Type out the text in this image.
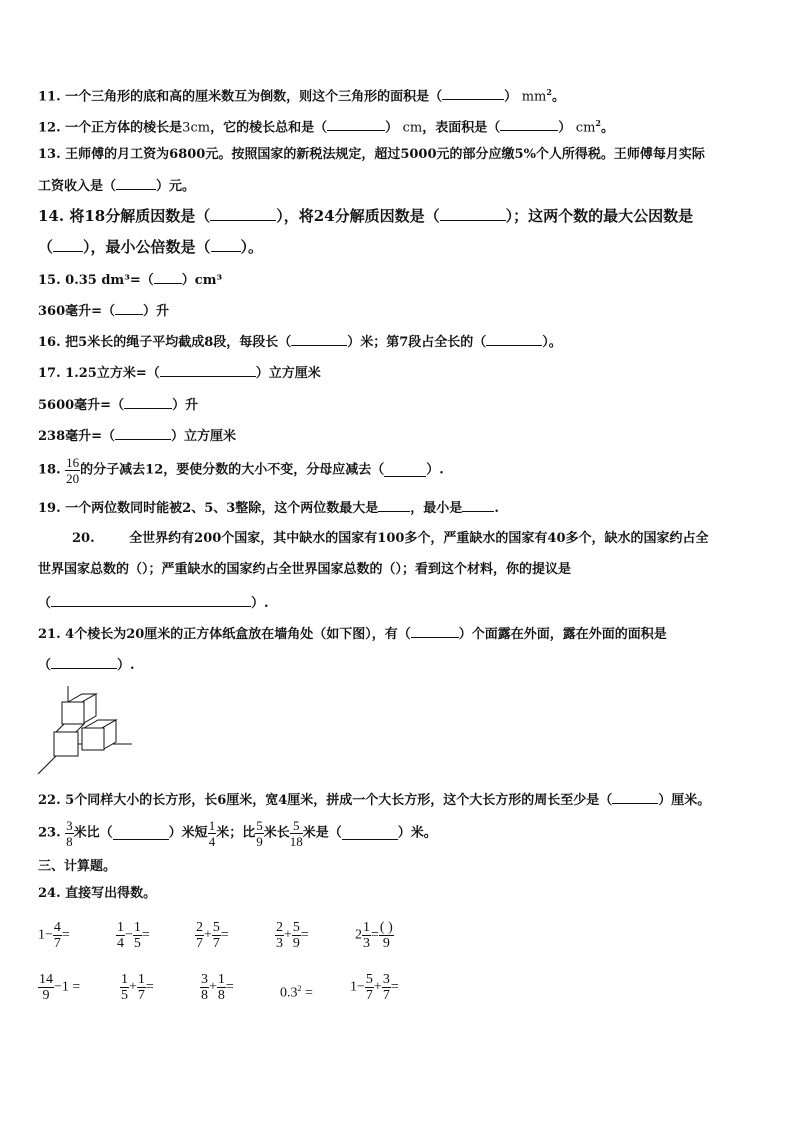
11. 一个三角形的底和高的厘米数互为倒数，则这个三角形的面积是（	） $mm^2$。
12. 一个正方体的棱长是3cm，它的棱长总和是（	） cm，表面积是（	） $cm^2$。
13. 王师傅的月工资为6800元。按照国家的新税法规定，超过5000元的部分应缴5%个人所得税。王师傅每月实际
工资收入是（	）元。
14. 将18分解质因数是（	），将24分解质因数是（	）；这两个数的最大公因数是
（ ），最小公倍数是（ ）。
15. 0.35 dm³=（ ）cm³
360毫升=（ ）升
16. 把5米长的绳子平均截成8段，每段长（	）米；第7段占全长的（	）。
17. 1.25立方米=（	）立方厘米
5600毫升=（	）升
238毫升=（	）立方厘米
18. $\frac{16}{20}$ 的分子减去12，要使分数的大小不变，分母应减去（	）.
19. 一个两位数同时能被2、5、3整除，这个两位数最大是 ，最小是 .
20.	全世界约有200个国家，其中缺水的国家有100多个，严重缺水的国家有40多个，缺水的国家约占全
世界国家总数的（）；严重缺水的国家约占全世界国家总数的（）；看到这个材料，你的提议是
（	）.
21. 4个棱长为20厘米的正方体纸盒放在墙角处（如下图），有（	）个面露在外面，露在外面的面积是
（	）.
22. 5个同样大小的长方形，长6厘米，宽4厘米，拼成一个大长方形，这个大长方形的周长至少是（	）厘米。
23. $\frac{3}{8}$ 米比（	）米短 $\frac{1}{4}$ 米；比 $\frac{5}{9}$ 米长 $\frac{5}{18}$ 米是（	）米。
三、计算题。
24. 直接写出得数。
$1- \frac{4}{7}$ =	$\frac{1}{4} - \frac{1}{5}$ =	$\frac{2}{7} + \frac{5}{7}$ =	$\frac{2}{3} + \frac{5}{9}$ =	$2 \frac{1}{3} = \frac{( )}{9}$
$\frac{14}{9} -1$ =	$\frac{1}{5} + \frac{1}{7}$ =	$\frac{3}{8} + \frac{1}{8}$ =	$0.3^2$ =	$1- \frac{5}{7} + \frac{3}{7}$ =
